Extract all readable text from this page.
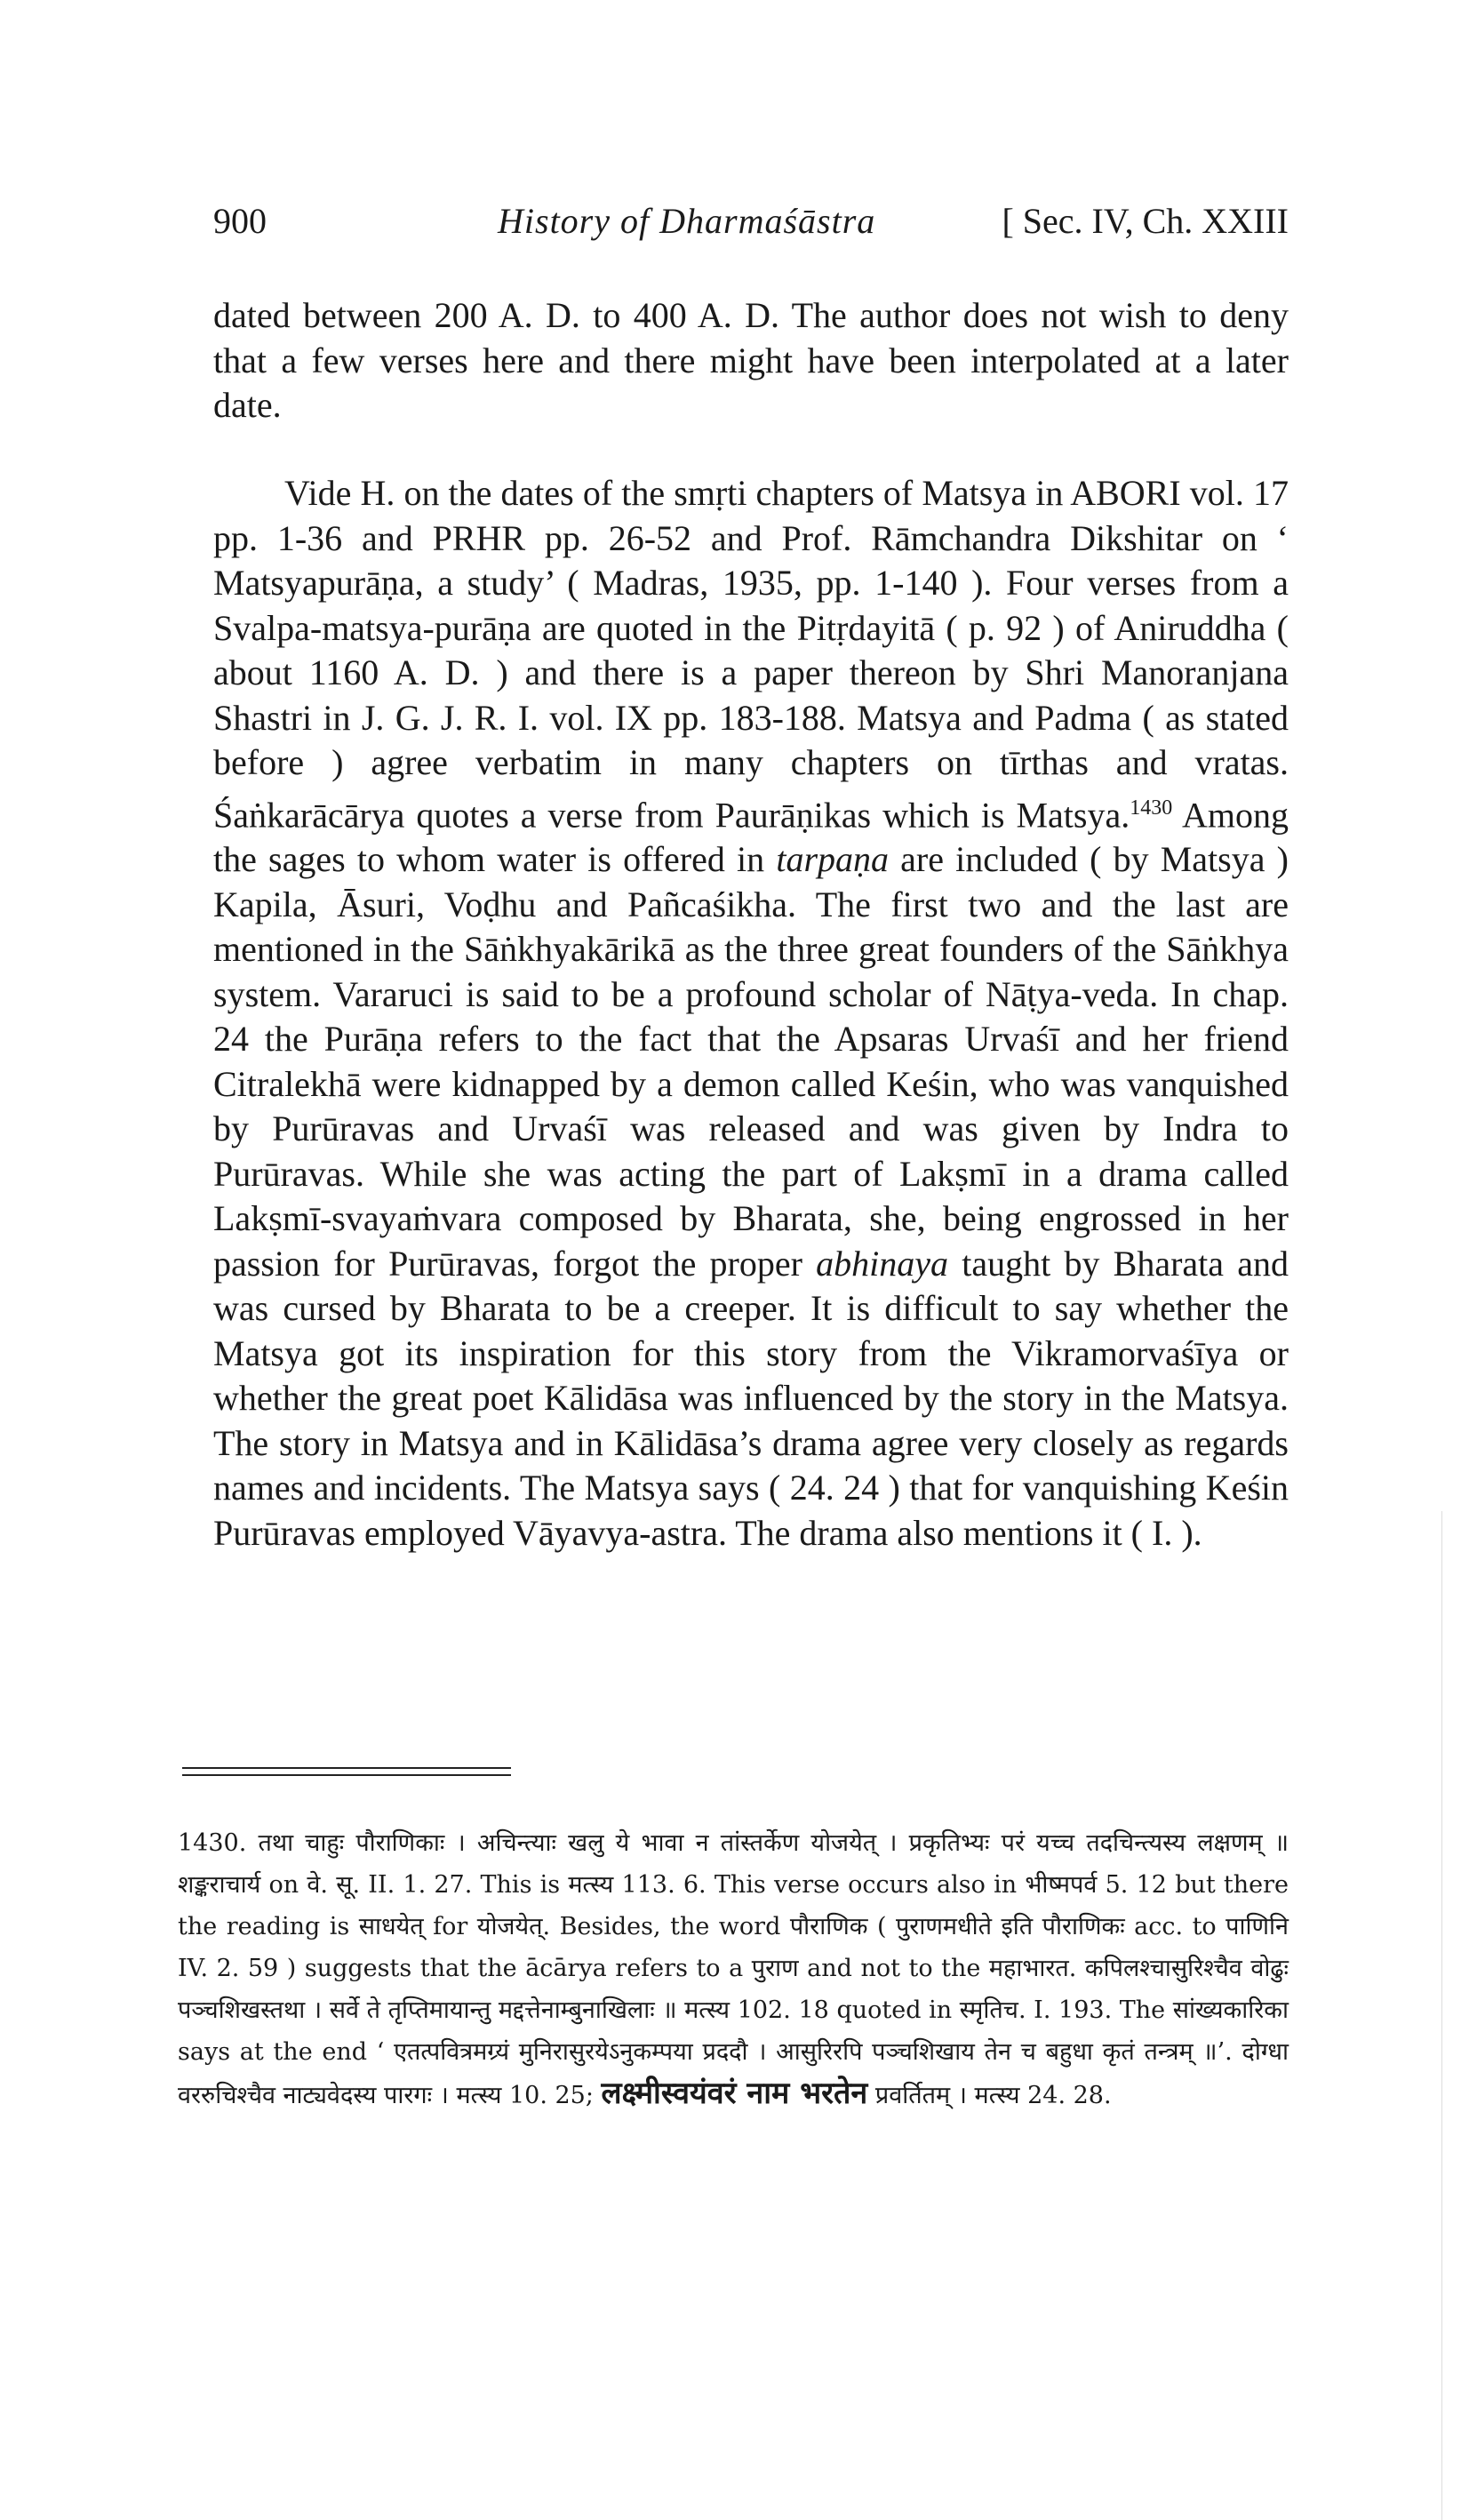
900	History of Dharmaśāstra	[ Sec. IV, Ch. XXIII

dated between 200 A. D. to 400 A. D. The author does not wish to deny that a few verses here and there might have been interpolated at a later date.

Vide H. on the dates of the smṛti chapters of Matsya in ABORI vol. 17 pp. 1-36 and PRHR pp. 26-52 and Prof. Rāmchandra Dikshitar on ‘ Matsyapurāṇa, a study’ ( Madras, 1935, pp. 1-140 ). Four verses from a Svalpa-matsya-purāṇa are quoted in the Pitṛdayitā ( p. 92 ) of Aniruddha ( about 1160 A. D. ) and there is a paper thereon by Shri Manoranjana Shastri in J. G. J. R. I. vol. IX pp. 183-188. Matsya and Padma ( as stated before ) agree verbatim in many chapters on tīrthas and vratas. Śaṅkarācārya quotes a verse from Paurāṇikas which is Matsya.$^{1430}$ Among the sages to whom water is offered in tarpaṇa are included ( by Matsya ) Kapila, Āsuri, Voḍhu and Pañcaśikha. The first two and the last are mentioned in the Sāṅkhyakārikā as the three great founders of the Sāṅkhya system. Vararuci is said to be a profound scholar of Nāṭya-veda. In chap. 24 the Purāṇa refers to the fact that the Apsaras Urvaśī and her friend Citralekhā were kidnapped by a demon called Keśin, who was vanquished by Purūravas and Urvaśī was released and was given by Indra to Purūravas. While she was acting the part of Lakṣmī in a drama called Lakṣmī-svayaṁvara composed by Bharata, she, being engrossed in her passion for Purūravas, forgot the proper abhinaya taught by Bharata and was cursed by Bharata to be a creeper. It is difficult to say whether the Matsya got its inspiration for this story from the Vikramorvaśīya or whether the great poet Kālidāsa was influenced by the story in the Matsya. The story in Matsya and in Kālidāsa’s drama agree very closely as regards names and incidents. The Matsya says ( 24. 24 ) that for vanquishing Keśin Purūravas employed Vāyavya-astra. The drama also mentions it ( I. ).

1430. तथा चाहुः पौराणिकाः । अचिन्त्याः खलु ये भावा न तांस्तर्केण योजयेत् । प्रकृतिभ्यः परं यच्च तदचिन्त्यस्य लक्षणम् ॥ शङ्कराचार्य on वे. सू. II. 1. 27. This is मत्स्य 113. 6. This verse occurs also in भीष्मपर्व 5. 12 but there the reading is साधयेत् for योजयेत्. Besides, the word पौराणिक ( पुराणमधीते इति पौराणिकः acc. to पाणिनि IV. 2. 59 ) suggests that the ācārya refers to a पुराण and not to the महाभारत. कपिलश्चासुरिश्चैव वोढुः पञ्चशिखस्तथा । सर्वे ते तृप्तिमायान्तु मद्दत्तेनाम्बुनाखिलाः ॥ मत्स्य 102. 18 quoted in स्मृतिच. I. 193. The सांख्यकारिका says at the end ‘ एतत्पवित्रमग्र्यं मुनिरासुरयेऽनुकम्पया प्रददौ । आसुरिरपि पञ्चशिखाय तेन च बहुधा कृतं तन्त्रम् ॥’. दोग्धा वररुचिश्चैव नाट्यवेदस्य पारगः । मत्स्य 10. 25; लक्ष्मीस्वयंवरं नाम भरतेन प्रवर्तितम् । मत्स्य 24. 28.
